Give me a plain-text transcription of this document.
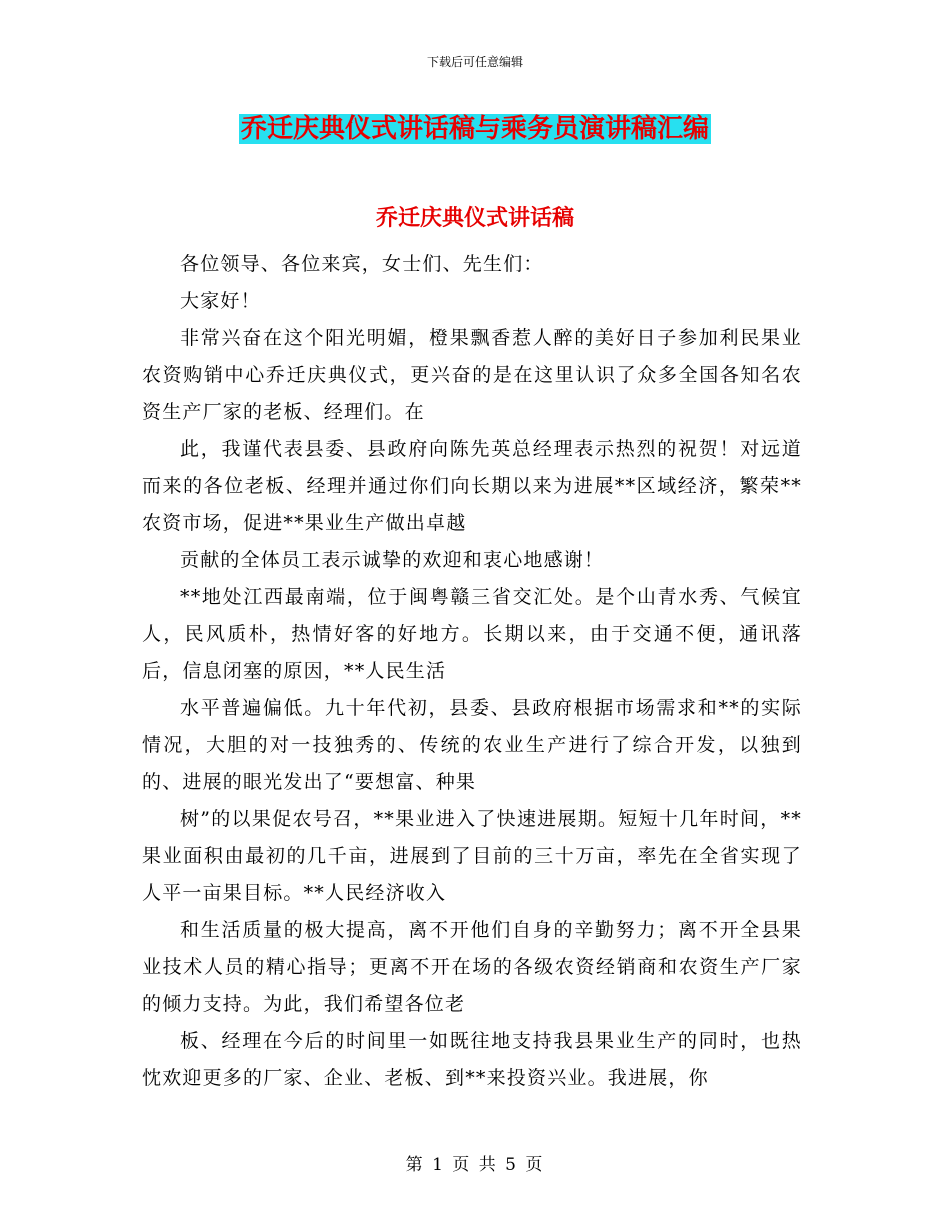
下载后可任意编辑
乔迁庆典仪式讲话稿与乘务员演讲稿汇编
乔迁庆典仪式讲话稿

各位领导、各位来宾，女士们、先生们：

大家好！

非常兴奋在这个阳光明媚，橙果飘香惹人醉的美好日子参加利民果业农资购销中心乔迁庆典仪式，更兴奋的是在这里认识了众多全国各知名农资生产厂家的老板、经理们。在

此，我谨代表县委、县政府向陈先英总经理表示热烈的祝贺！对远道而来的各位老板、经理并通过你们向长期以来为进展**区域经济，繁荣**农资市场，促进**果业生产做出卓越

贡献的全体员工表示诚挚的欢迎和衷心地感谢！

**地处江西最南端，位于闽粤赣三省交汇处。是个山青水秀、气候宜人，民风质朴，热情好客的好地方。长期以来，由于交通不便，通讯落后，信息闭塞的原因，**人民生活

水平普遍偏低。九十年代初，县委、县政府根据市场需求和**的实际情况，大胆的对一技独秀的、传统的农业生产进行了综合开发，以独到的、进展的眼光发出了“要想富、种果

树”的以果促农号召，**果业进入了快速进展期。短短十几年时间，**果业面积由最初的几千亩，进展到了目前的三十万亩，率先在全省实现了人平一亩果目标。**人民经济收入

和生活质量的极大提高，离不开他们自身的辛勤努力；离不开全县果业技术人员的精心指导；更离不开在场的各级农资经销商和农资生产厂家的倾力支持。为此，我们希望各位老

板、经理在今后的时间里一如既往地支持我县果业生产的同时，也热忱欢迎更多的厂家、企业、老板、到**来投资兴业。我进展，你

第 1 页 共 5 页
